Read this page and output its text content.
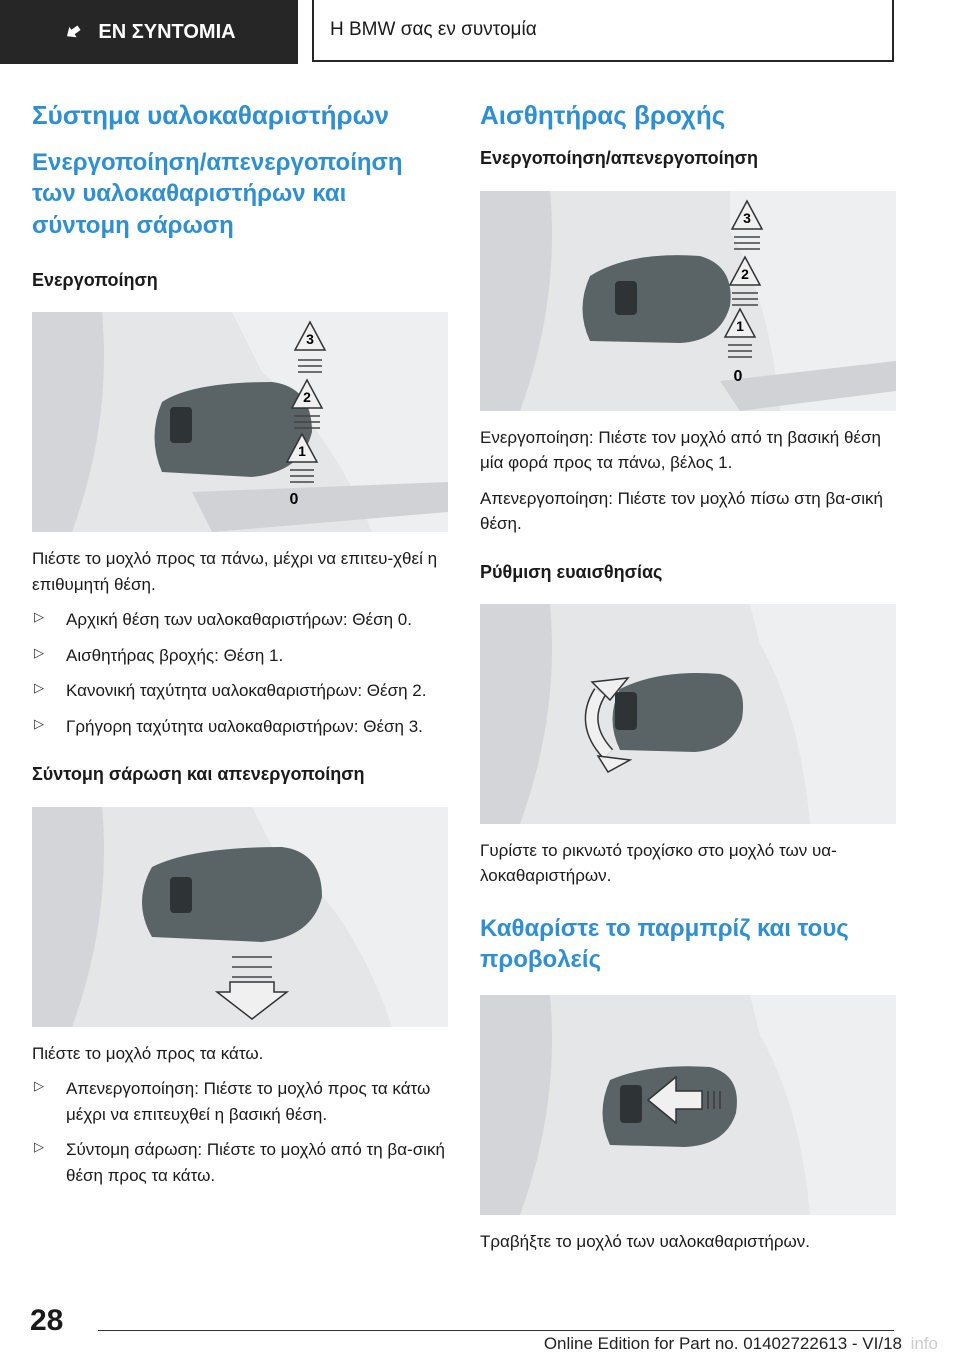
ΕΝ ΣΥΝΤΟΜΙΑ	Η BMW σας εν συντομία
Σύστημα υαλοκαθαριστήρων
Ενεργοποίηση/απενεργοποίηση των υαλοκαθαριστήρων και σύντομη σάρωση
Ενεργοποίηση
3
2
1
0

Πιέστε το μοχλό προς τα πάνω, μέχρι να επιτευ-χθεί η επιθυμητή θέση.

▷ Αρχική θέση των υαλοκαθαριστήρων: Θέση 0.
▷ Αισθητήρας βροχής: Θέση 1.
▷ Κανονική ταχύτητα υαλοκαθαριστήρων: Θέση 2.
▷ Γρήγορη ταχύτητα υαλοκαθαριστήρων: Θέση 3.
Σύντομη σάρωση και απενεργοποίηση

Πιέστε το μοχλό προς τα κάτω.

▷ Απενεργοποίηση: Πιέστε το μοχλό προς τα κάτω μέχρι να επιτευχθεί η βασική θέση.
▷ Σύντομη σάρωση: Πιέστε το μοχλό από τη βα-σική θέση προς τα κάτω.
Αισθητήρας βροχής
Ενεργοποίηση/απενεργοποίηση
3
2
1
0

Ενεργοποίηση: Πιέστε τον μοχλό από τη βασική θέση μία φορά προς τα πάνω, βέλος 1.

Απενεργοποίηση: Πιέστε τον μοχλό πίσω στη βα-σική θέση.

Ρύθμιση ευαισθησίας

Γυρίστε το ρικνωτό τροχίσκο στο μοχλό των υα-λοκαθαριστήρων.

Καθαρίστε το παρμπρίζ και τους προβολείς

Τραβήξτε το μοχλό των υαλοκαθαριστήρων.

28
Online Edition for Part no. 01402722613 - VI/18 info
